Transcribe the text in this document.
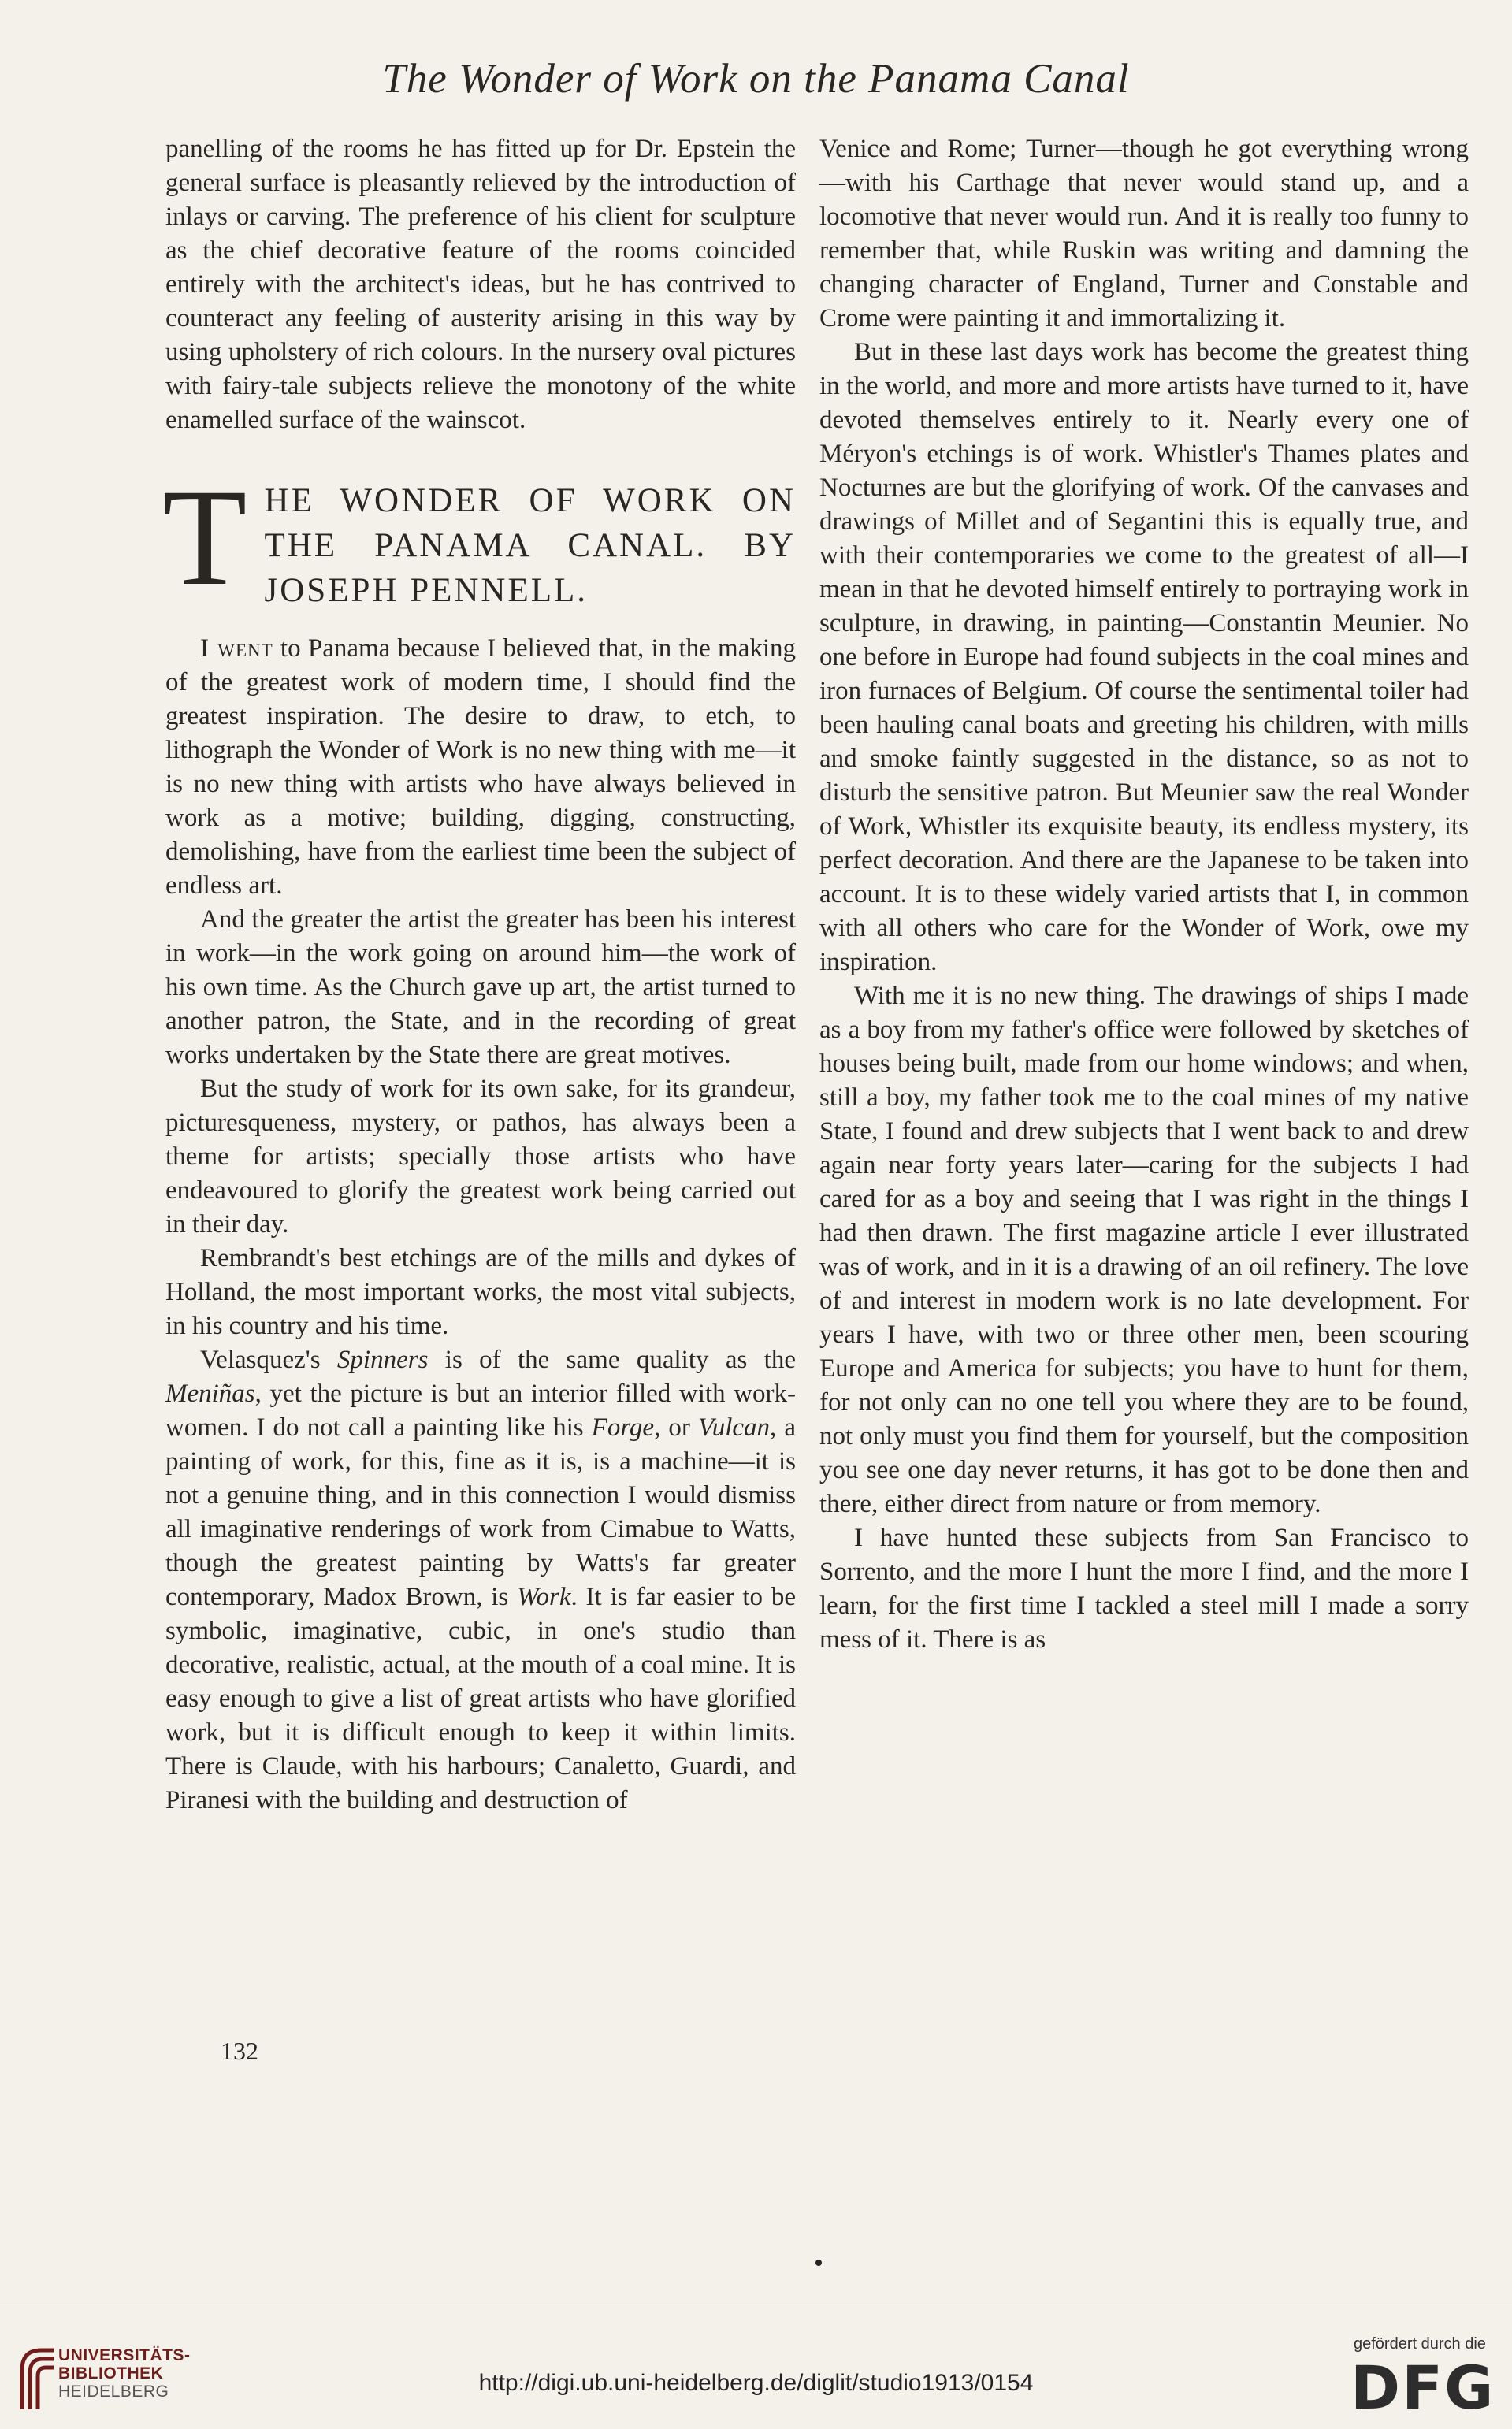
The Wonder of Work on the Panama Canal

panelling of the rooms he has fitted up for Dr. Epstein the general surface is pleasantly relieved by the introduction of inlays or carving. The preference of his client for sculpture as the chief decorative feature of the rooms coincided entirely with the architect's ideas, but he has contrived to counteract any feeling of austerity arising in this way by using upholstery of rich colours. In the nursery oval pictures with fairy-tale subjects relieve the monotony of the white enamelled surface of the wainscot.

THE WONDER OF WORK ON THE PANAMA CANAL. BY JOSEPH PENNELL.

I went to Panama because I believed that, in the making of the greatest work of modern time, I should find the greatest inspiration. The desire to draw, to etch, to lithograph the Wonder of Work is no new thing with me—it is no new thing with artists who have always believed in work as a motive; building, digging, constructing, demolishing, have from the earliest time been the subject of endless art.

And the greater the artist the greater has been his interest in work—in the work going on around him—the work of his own time. As the Church gave up art, the artist turned to another patron, the State, and in the recording of great works undertaken by the State there are great motives.

But the study of work for its own sake, for its grandeur, picturesqueness, mystery, or pathos, has always been a theme for artists; specially those artists who have endeavoured to glorify the greatest work being carried out in their day.

Rembrandt's best etchings are of the mills and dykes of Holland, the most important works, the most vital subjects, in his country and his time.

Velasquez's Spinners is of the same quality as the Meniñas, yet the picture is but an interior filled with work-women. I do not call a painting like his Forge, or Vulcan, a painting of work, for this, fine as it is, is a machine—it is not a genuine thing, and in this connection I would dismiss all imaginative renderings of work from Cimabue to Watts, though the greatest painting by Watts's far greater contemporary, Madox Brown, is Work. It is far easier to be symbolic, imaginative, cubic, in one's studio than decorative, realistic, actual, at the mouth of a coal mine. It is easy enough to give a list of great artists who have glorified work, but it is difficult enough to keep it within limits. There is Claude, with his harbours; Canaletto, Guardi, and Piranesi with the building and destruction of

Venice and Rome; Turner—though he got everything wrong—with his Carthage that never would stand up, and a locomotive that never would run. And it is really too funny to remember that, while Ruskin was writing and damning the changing character of England, Turner and Constable and Crome were painting it and immortalizing it.

But in these last days work has become the greatest thing in the world, and more and more artists have turned to it, have devoted themselves entirely to it. Nearly every one of Méryon's etchings is of work. Whistler's Thames plates and Nocturnes are but the glorifying of work. Of the canvases and drawings of Millet and of Segantini this is equally true, and with their contemporaries we come to the greatest of all—I mean in that he devoted himself entirely to portraying work in sculpture, in drawing, in painting—Constantin Meunier. No one before in Europe had found subjects in the coal mines and iron furnaces of Belgium. Of course the sentimental toiler had been hauling canal boats and greeting his children, with mills and smoke faintly suggested in the distance, so as not to disturb the sensitive patron. But Meunier saw the real Wonder of Work, Whistler its exquisite beauty, its endless mystery, its perfect decoration. And there are the Japanese to be taken into account. It is to these widely varied artists that I, in common with all others who care for the Wonder of Work, owe my inspiration.

With me it is no new thing. The drawings of ships I made as a boy from my father's office were followed by sketches of houses being built, made from our home windows; and when, still a boy, my father took me to the coal mines of my native State, I found and drew subjects that I went back to and drew again near forty years later—caring for the subjects I had cared for as a boy and seeing that I was right in the things I had then drawn. The first magazine article I ever illustrated was of work, and in it is a drawing of an oil refinery. The love of and interest in modern work is no late development. For years I have, with two or three other men, been scouring Europe and America for subjects; you have to hunt for them, for not only can no one tell you where they are to be found, not only must you find them for yourself, but the composition you see one day never returns, it has got to be done then and there, either direct from nature or from memory.

I have hunted these subjects from San Francisco to Sorrento, and the more I hunt the more I find, and the more I learn, for the first time I tackled a steel mill I made a sorry mess of it. There is as

132
UNIVERSITÄTS-
BIBLIOTHEK
HEIDELBERG	http://digi.ub.uni-heidelberg.de/diglit/studio1913/0154
gefördert durch die
DFG
